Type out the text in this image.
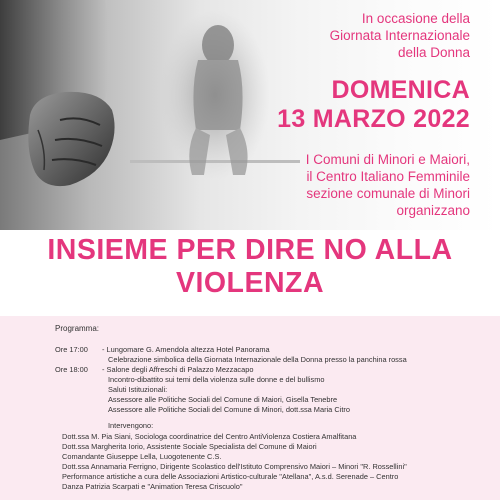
In occasione della
Giornata Internazionale
della Donna
DOMENICA
13 MARZO 2022
I Comuni di Minori e Maiori,
il Centro Italiano Femminile
sezione comunale di Minori
organizzano
INSIEME PER DIRE NO ALLA
VIOLENZA
Programma:
Ore 17:00 - Lungomare G. Amendola altezza Hotel Panorama
Celebrazione simbolica della Giornata Internazionale della Donna presso la panchina rossa
Ore 18:00 - Salone degli Affreschi di Palazzo Mezzacapo
Incontro-dibattito sui temi della violenza sulle donne e del bullismo
Saluti Istituzionali:
Assessore alle Politiche Sociali del Comune di Maiori, Gisella Tenebre
Assessore alle Politiche Sociali del Comune di Minori, dott.ssa Maria Citro
Intervengono:
Dott.ssa M. Pia Siani, Sociologa coordinatrice del Centro AntiViolenza Costiera Amalfitana
Dott.ssa Margherita Iorio, Assistente Sociale Specialista del Comune di Maiori
Comandante Giuseppe Lella, Luogotenente C.S.
Dott.ssa Annamaria Ferrigno, Dirigente Scolastico dell'Istituto Comprensivo Maiori – Minori "R. Rossellini"
Performance artistiche a cura delle Associazioni Artistico-culturale "Atellana", A.s.d. Serenade – Centro
Danza Patrizia Scarpati e "Animation Teresa Criscuolo"
